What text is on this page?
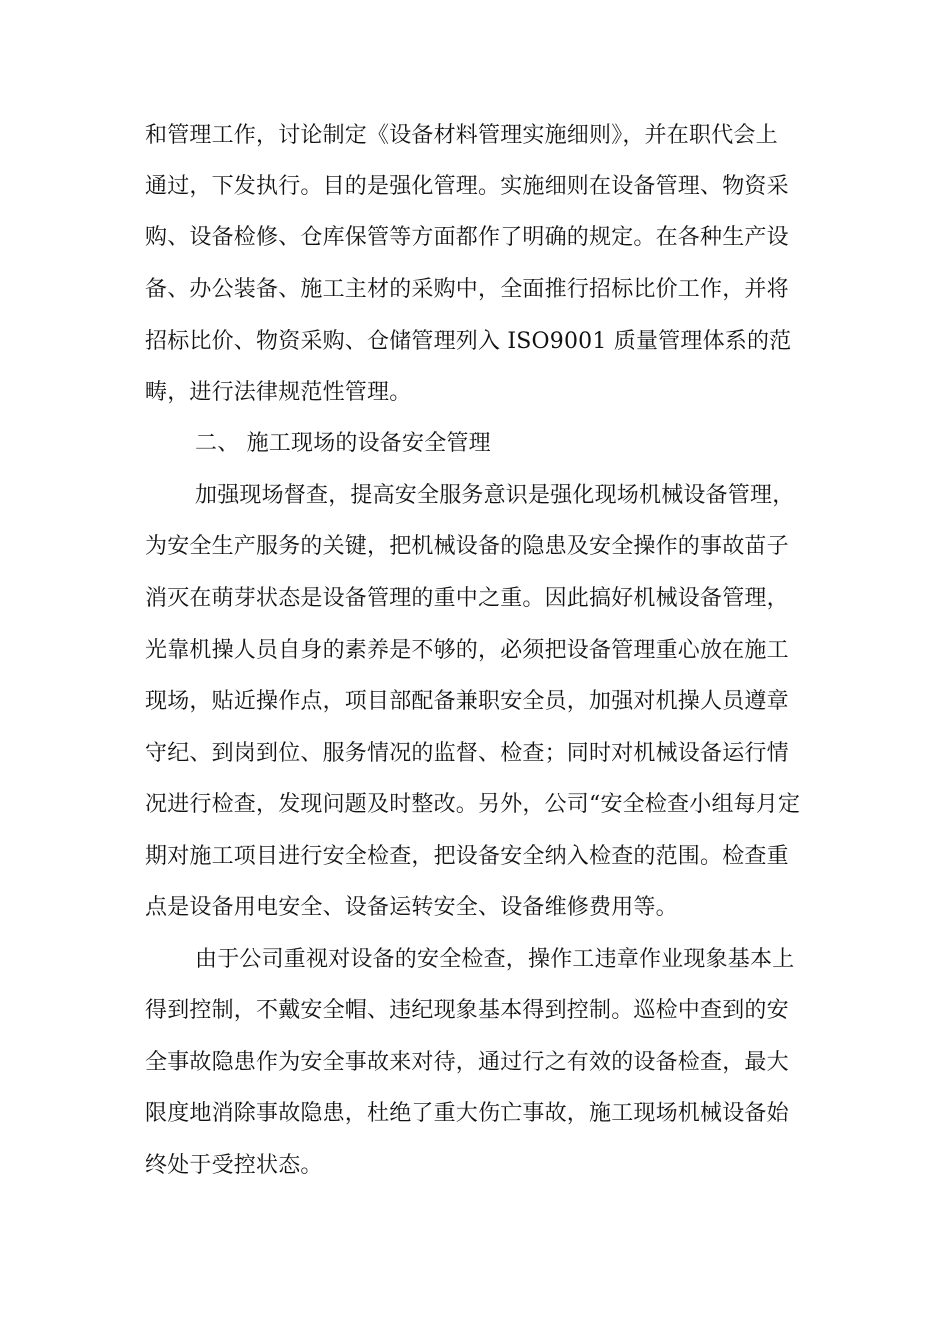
和管理工作，讨论制定《设备材料管理实施细则》，并在职代会上
通过，下发执行。目的是强化管理。实施细则在设备管理、物资采
购、设备检修、仓库保管等方面都作了明确的规定。在各种生产设
备、办公装备、施工主材的采购中，全面推行招标比价工作，并将
招标比价、物资采购、仓储管理列入 ISO9001 质量管理体系的范
畴，进行法律规范性管理。
二、 施工现场的设备安全管理
加强现场督查，提高安全服务意识是强化现场机械设备管理，
为安全生产服务的关键，把机械设备的隐患及安全操作的事故苗子
消灭在萌芽状态是设备管理的重中之重。因此搞好机械设备管理，
光靠机操人员自身的素养是不够的，必须把设备管理重心放在施工
现场，贴近操作点，项目部配备兼职安全员，加强对机操人员遵章
守纪、到岗到位、服务情况的监督、检查；同时对机械设备运行情
况进行检查，发现问题及时整改。另外，公司“安全检查小组每月定
期对施工项目进行安全检查，把设备安全纳入检查的范围。检查重
点是设备用电安全、设备运转安全、设备维修费用等。
由于公司重视对设备的安全检查，操作工违章作业现象基本上
得到控制，不戴安全帽、违纪现象基本得到控制。巡检中查到的安
全事故隐患作为安全事故来对待，通过行之有效的设备检查，最大
限度地消除事故隐患，杜绝了重大伤亡事故，施工现场机械设备始
终处于受控状态。
